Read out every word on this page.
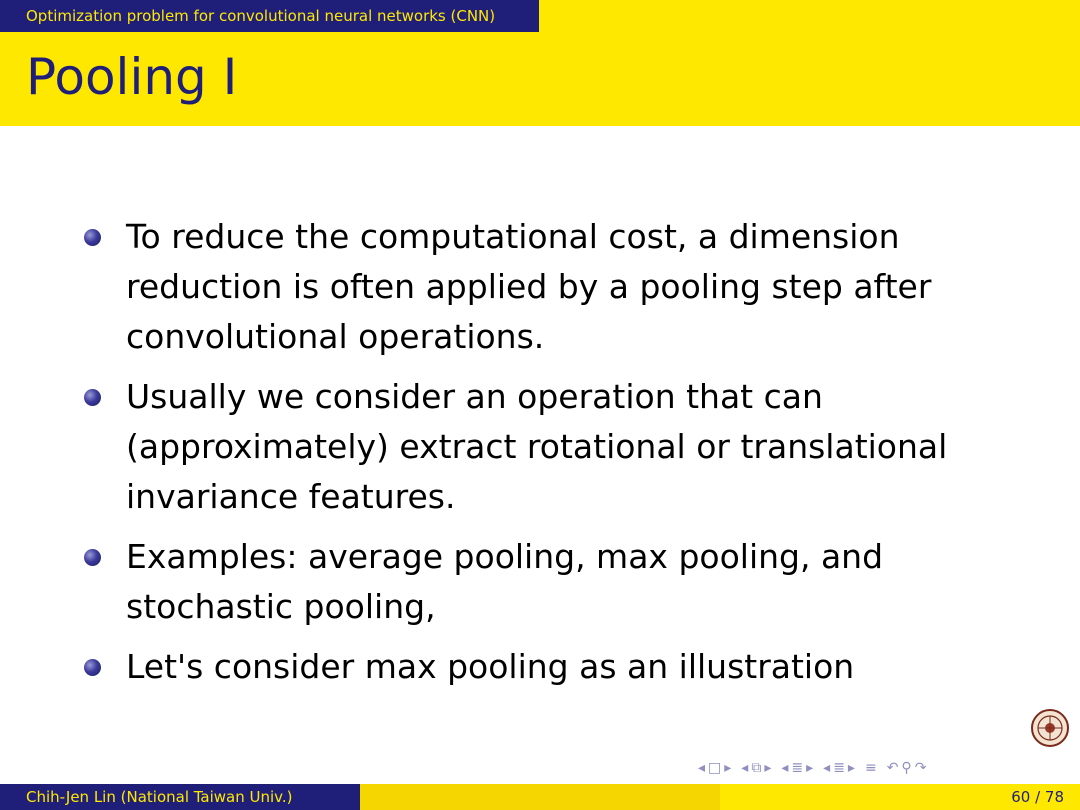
Optimization problem for convolutional neural networks (CNN)
Pooling I
To reduce the computational cost, a dimension reduction is often applied by a pooling step after convolutional operations.
Usually we consider an operation that can (approximately) extract rotational or translational invariance features.
Examples: average pooling, max pooling, and stochastic pooling,
Let's consider max pooling as an illustration
◂ □ ▸ ◂ ⧉ ▸ ◂ ≣ ▸ ◂ ≣ ▸ ≡ ↶ ⚲ ↷
Chih-Jen Lin (National Taiwan Univ.)	60 / 78
